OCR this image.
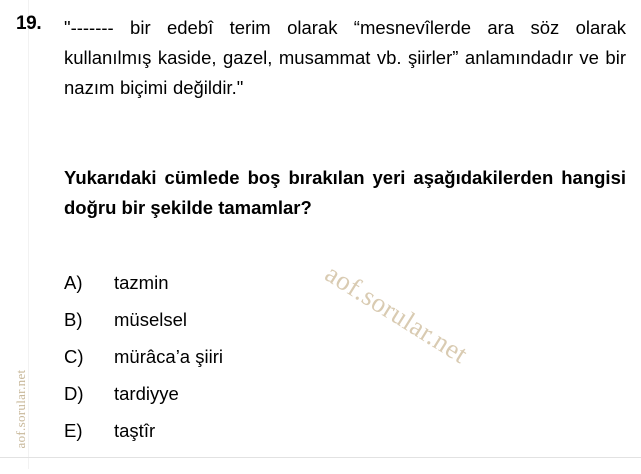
aof.sorular.net
19. "------- bir edebî terim olarak “mesnevîlerde ara söz olarak kullanılmış kaside, gazel, musammat vb. şiirler” anlamındadır ve bir nazım biçimi değildir."
Yukarıdaki cümlede boş bırakılan yeri aşağıdakilerden hangisi doğru bir şekilde tamamlar?
A)	tazmin
B)	müselsel
C)	mürâca’a şiiri
D)	tardiyye
E)	taştîr
aof.sorular.net
